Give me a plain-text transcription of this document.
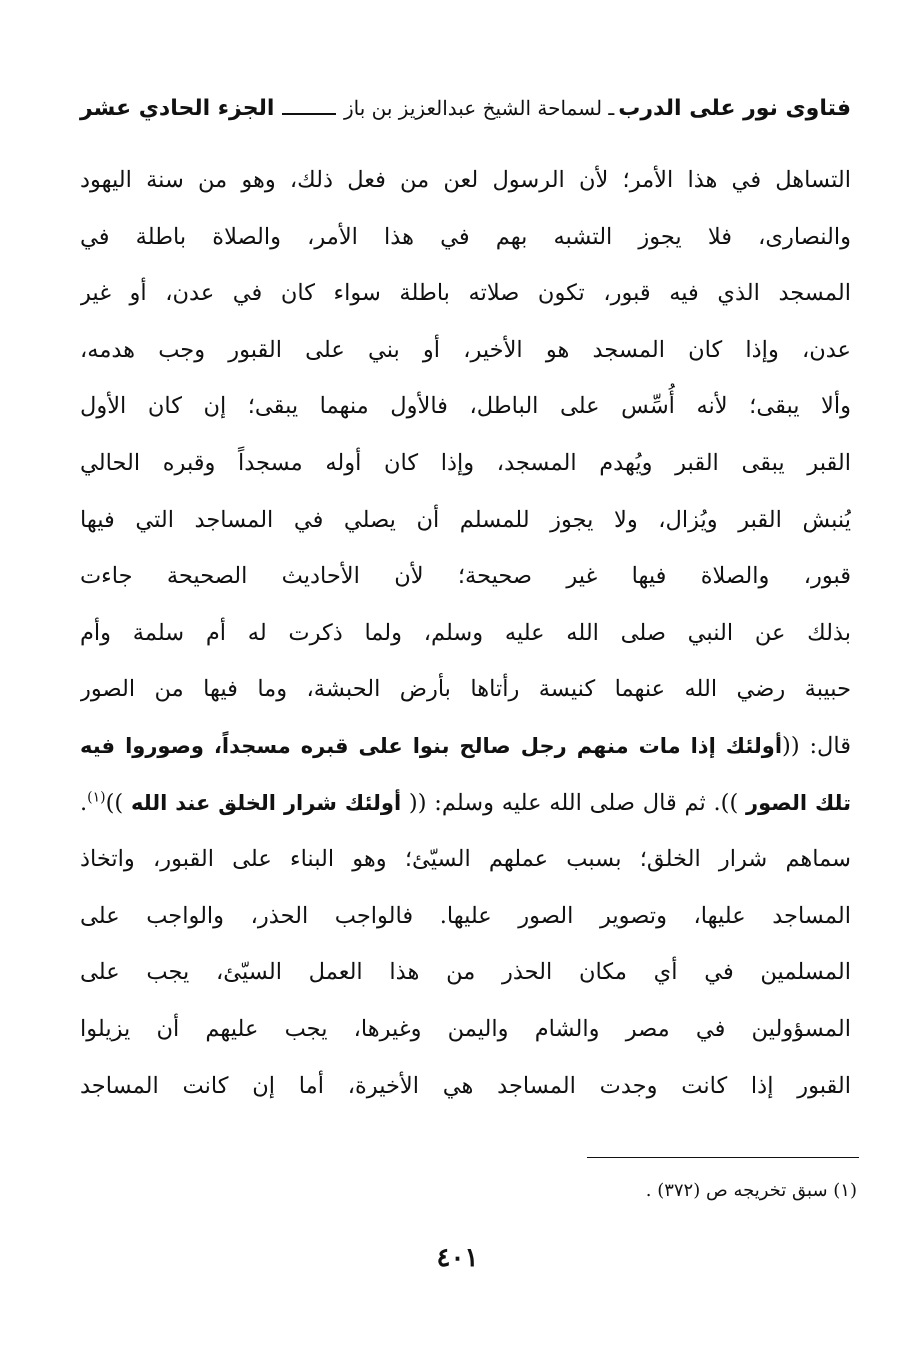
فتاوى نور على الدرب
ـ لسماحة الشيخ عبدالعزيز بن باز
الجزء الحادي عشر
التساهل في هذا الأمر؛ لأن الرسول لعن من فعل ذلك، وهو من سنة اليهود
والنصارى، فلا يجوز التشبه بهم في هذا الأمر، والصلاة باطلة في
المسجد الذي فيه قبور، تكون صلاته باطلة سواء كان في عدن، أو غير
عدن، وإذا كان المسجد هو الأخير، أو بني على القبور وجب هدمه،
وألا يبقى؛ لأنه أُسِّس على الباطل، فالأول منهما يبقى؛ إن كان الأول
القبر يبقى القبر ويُهدم المسجد، وإذا كان أوله مسجداً وقبره الحالي
يُنبش القبر ويُزال، ولا يجوز للمسلم أن يصلي في المساجد التي فيها
قبور، والصلاة فيها غير صحيحة؛ لأن الأحاديث الصحيحة جاءت
بذلك عن النبي صلى الله عليه وسلم، ولما ذكرت له أم سلمة وأم
حبيبة رضي الله عنهما كنيسة رأتاها بأرض الحبشة، وما فيها من الصور
قال: ((أولئك إذا مات منهم رجل صالح بنوا على قبره مسجداً، وصوروا فيه
تلك الصور )). ثم قال صلى الله عليه وسلم: (( أولئك شرار الخلق عند الله ))$^{(١)}$.
سماهم شرار الخلق؛ بسبب عملهم السيّئ؛ وهو البناء على القبور، واتخاذ
المساجد عليها، وتصوير الصور عليها. فالواجب الحذر، والواجب على
المسلمين في أي مكان الحذر من هذا العمل السيّئ، يجب على
المسؤولين في مصر والشام واليمن وغيرها، يجب عليهم أن يزيلوا
القبور إذا كانت وجدت المساجد هي الأخيرة، أما إن كانت المساجد
(١) سبق تخريجه ص (٣٧٢) .
٤٠١
